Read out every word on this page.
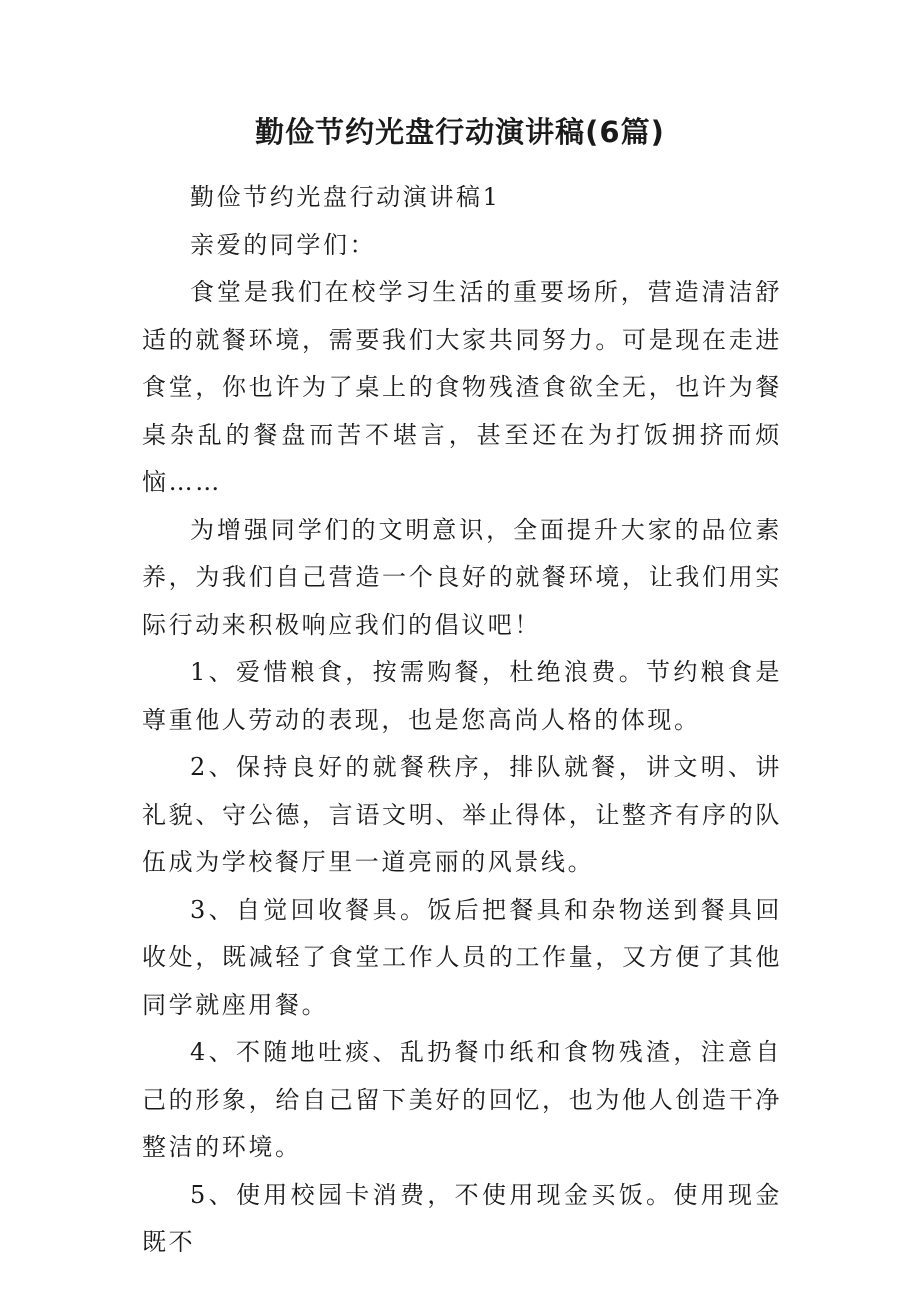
勤俭节约光盘行动演讲稿(6篇)

勤俭节约光盘行动演讲稿1

亲爱的同学们：

食堂是我们在校学习生活的重要场所，营造清洁舒适的就餐环境，需要我们大家共同努力。可是现在走进食堂，你也许为了桌上的食物残渣食欲全无，也许为餐桌杂乱的餐盘而苦不堪言，甚至还在为打饭拥挤而烦恼……

为增强同学们的文明意识，全面提升大家的品位素养，为我们自己营造一个良好的就餐环境，让我们用实际行动来积极响应我们的倡议吧！

1、爱惜粮食，按需购餐，杜绝浪费。节约粮食是尊重他人劳动的表现，也是您高尚人格的体现。

2、保持良好的就餐秩序，排队就餐，讲文明、讲礼貌、守公德，言语文明、举止得体，让整齐有序的队伍成为学校餐厅里一道亮丽的风景线。

3、自觉回收餐具。饭后把餐具和杂物送到餐具回收处，既减轻了食堂工作人员的工作量，又方便了其他同学就座用餐。

4、不随地吐痰、乱扔餐巾纸和食物残渣，注意自己的形象，给自己留下美好的回忆，也为他人创造干净整洁的环境。

5、使用校园卡消费，不使用现金买饭。使用现金既不
